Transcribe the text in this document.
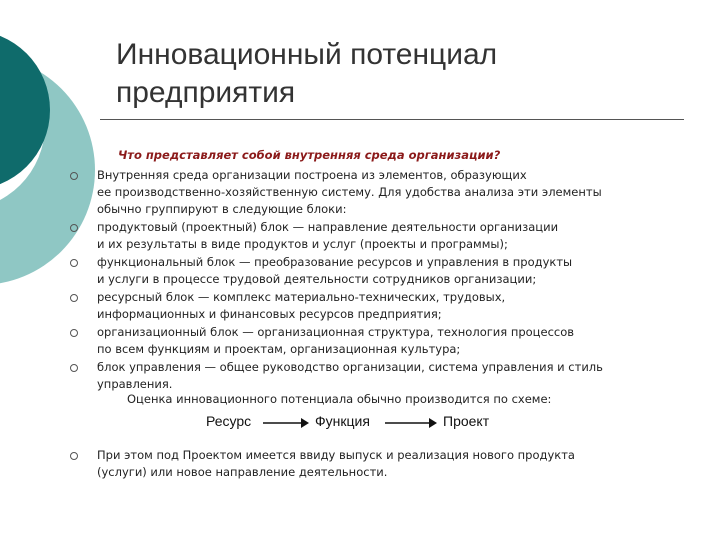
Инновационный потенциал
предприятия

Что представляет собой внутренняя среда организации?

Внутренняя среда организации построена из элементов, образующих
ее производственно-хозяйственную систему. Для удобства анализа эти элементы
обычно группируют в следующие блоки:
продуктовый (проектный) блок — направление деятельности организации
и их результаты в виде продуктов и услуг (проекты и программы);
функциональный блок — преобразование ресурсов и управления в продукты
и услуги в процессе трудовой деятельности сотрудников организации;
ресурсный блок — комплекс материально-технических, трудовых,
информационных и финансовых ресурсов предприятия;
организационный блок — организационная структура, технология процессов
по всем функциям и проектам, организационная культура;
блок управления — общее руководство организации, система управления и стиль
управления.
Оценка инновационного потенциала обычно производится по схеме:
Ресурс	Функция	Проект
При этом под Проектом имеется ввиду выпуск и реализация нового продукта
(услуги) или новое направление деятельности.
